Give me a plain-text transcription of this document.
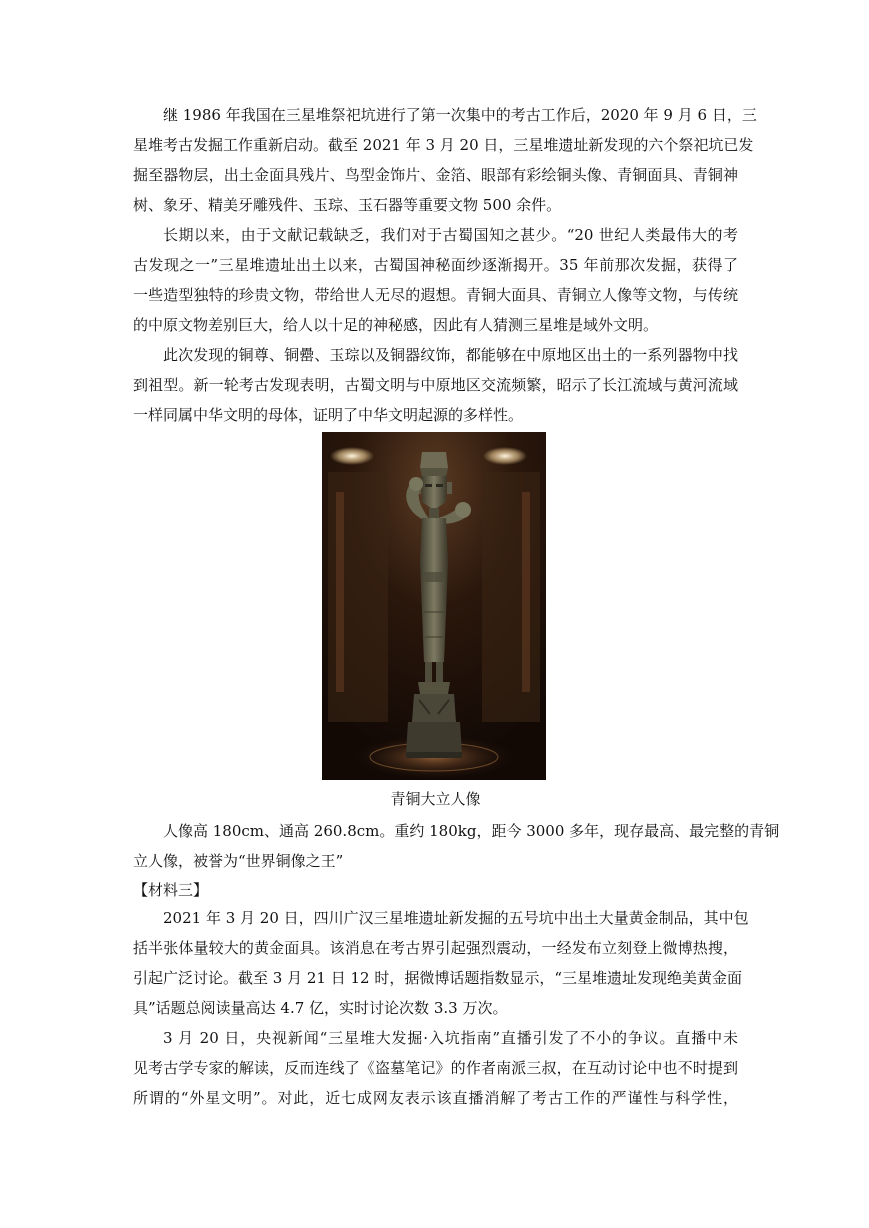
继 1986 年我国在三星堆祭祀坑进行了第一次集中的考古工作后，2020 年 9 月 6 日，三
星堆考古发掘工作重新启动。截至 2021 年 3 月 20 日，三星堆遗址新发现的六个祭祀坑已发
掘至器物层，出土金面具残片、鸟型金饰片、金箔、眼部有彩绘铜头像、青铜面具、青铜神
树、象牙、精美牙雕残件、玉琮、玉石器等重要文物 500 余件。
长期以来，由于文献记载缺乏，我们对于古蜀国知之甚少。“20 世纪人类最伟大的考
古发现之一”三星堆遗址出土以来，古蜀国神秘面纱逐渐揭开。35 年前那次发掘，获得了
一些造型独特的珍贵文物，带给世人无尽的遐想。青铜大面具、青铜立人像等文物，与传统
的中原文物差别巨大，给人以十足的神秘感，因此有人猜测三星堆是域外文明。
此次发现的铜尊、铜罍、玉琮以及铜器纹饰，都能够在中原地区出土的一系列器物中找
到祖型。新一轮考古发现表明，古蜀文明与中原地区交流频繁，昭示了长江流域与黄河流域
一样同属中华文明的母体，证明了中华文明起源的多样性。
青铜大立人像
人像高 180cm、通高 260.8cm。重约 180kg，距今 3000 多年，现存最高、最完整的青铜
立人像，被誉为“世界铜像之王”
【材料三】
2021 年 3 月 20 日，四川广汉三星堆遗址新发掘的五号坑中出土大量黄金制品，其中包
括半张体量较大的黄金面具。该消息在考古界引起强烈震动，一经发布立刻登上微博热搜，
引起广泛讨论。截至 3 月 21 日 12 时，据微博话题指数显示，“三星堆遗址发现绝美黄金面
具”话题总阅读量高达 4.7 亿，实时讨论次数 3.3 万次。
3 月 20 日，央视新闻“三星堆大发掘·入坑指南”直播引发了不小的争议。直播中未
见考古学专家的解读，反而连线了《盗墓笔记》的作者南派三叔，在互动讨论中也不时提到
所谓的“外星文明”。对此，近七成网友表示该直播消解了考古工作的严谨性与科学性，
